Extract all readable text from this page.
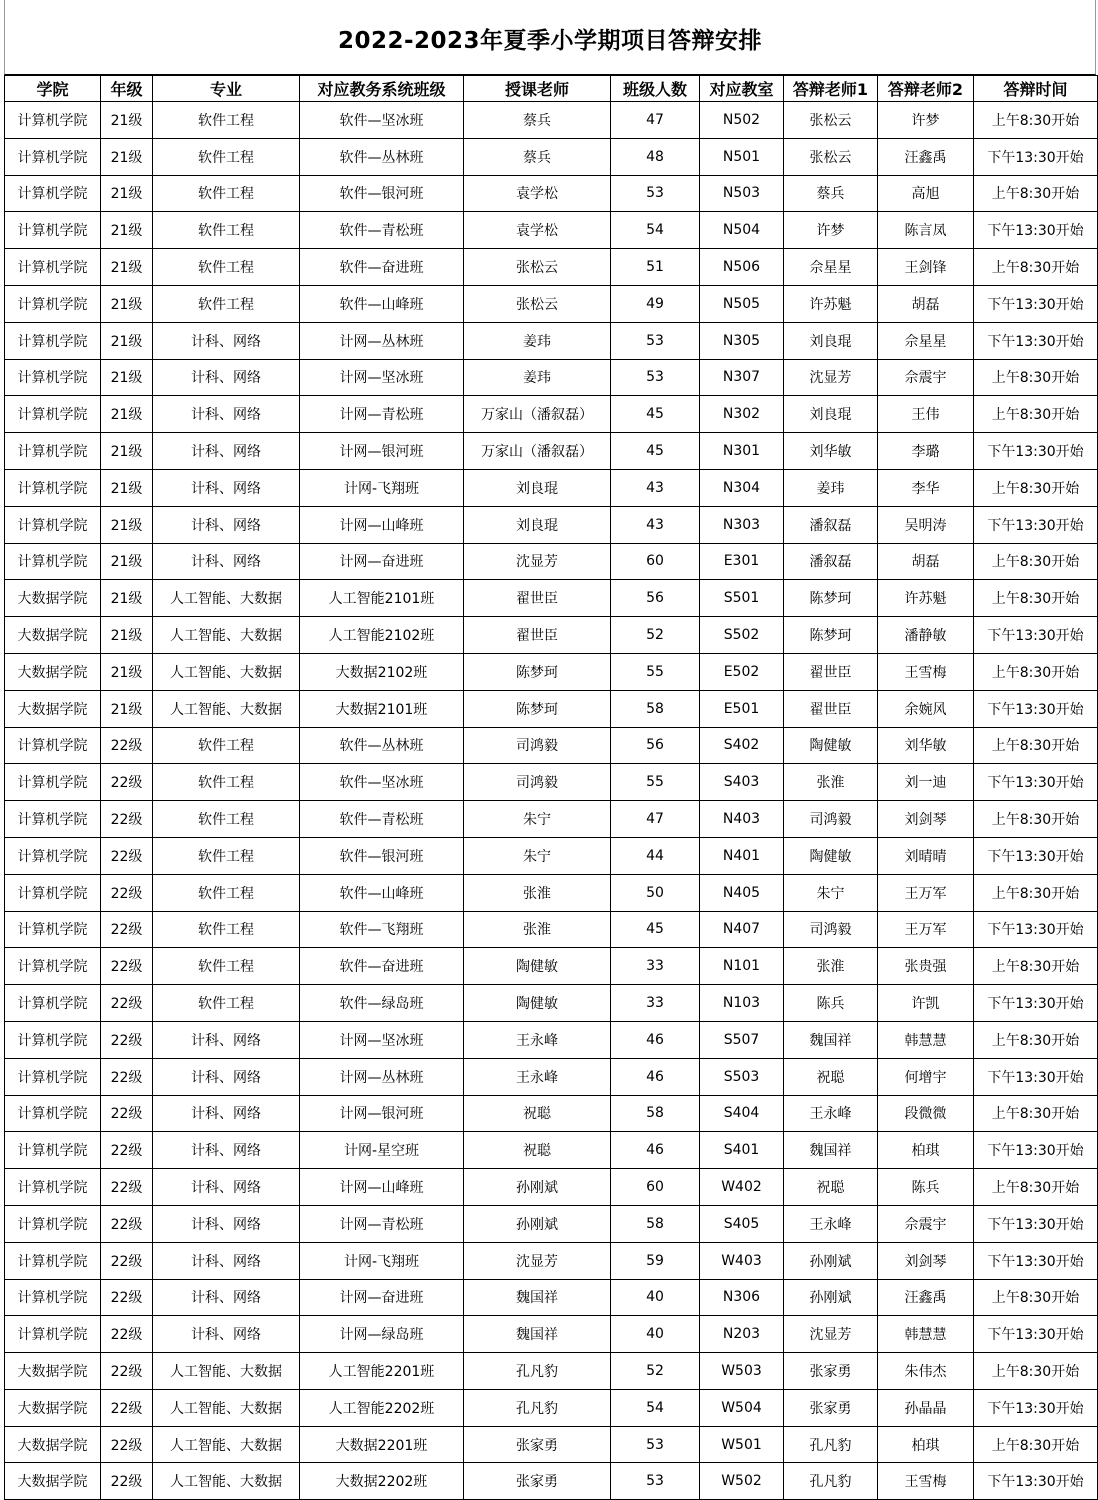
2022-2023年夏季小学期项目答辩安排
学院	年级	专业	对应教务系统班级	授课老师	班级人数	对应教室	答辩老师1	答辩老师2	答辩时间
计算机学院	21级	软件工程	软件—坚冰班	蔡兵	47	N502	张松云	许梦	上午8:30开始
计算机学院	21级	软件工程	软件—丛林班	蔡兵	48	N501	张松云	汪鑫禹	下午13:30开始
计算机学院	21级	软件工程	软件—银河班	袁学松	53	N503	蔡兵	高旭	上午8:30开始
计算机学院	21级	软件工程	软件—青松班	袁学松	54	N504	许梦	陈言凤	下午13:30开始
计算机学院	21级	软件工程	软件—奋进班	张松云	51	N506	佘星星	王剑锋	上午8:30开始
计算机学院	21级	软件工程	软件—山峰班	张松云	49	N505	许苏魁	胡磊	下午13:30开始
计算机学院	21级	计科、网络	计网—丛林班	姜玮	53	N305	刘良琨	佘星星	下午13:30开始
计算机学院	21级	计科、网络	计网—坚冰班	姜玮	53	N307	沈显芳	佘震宇	上午8:30开始
计算机学院	21级	计科、网络	计网—青松班	万家山（潘叙磊）	45	N302	刘良琨	王伟	上午8:30开始
计算机学院	21级	计科、网络	计网—银河班	万家山（潘叙磊）	45	N301	刘华敏	李璐	下午13:30开始
计算机学院	21级	计科、网络	计网-飞翔班	刘良琨	43	N304	姜玮	李华	上午8:30开始
计算机学院	21级	计科、网络	计网—山峰班	刘良琨	43	N303	潘叙磊	吴明涛	下午13:30开始
计算机学院	21级	计科、网络	计网—奋进班	沈显芳	60	E301	潘叙磊	胡磊	上午8:30开始
大数据学院	21级	人工智能、大数据	人工智能2101班	翟世臣	56	S501	陈梦珂	许苏魁	上午8:30开始
大数据学院	21级	人工智能、大数据	人工智能2102班	翟世臣	52	S502	陈梦珂	潘静敏	下午13:30开始
大数据学院	21级	人工智能、大数据	大数据2102班	陈梦珂	55	E502	翟世臣	王雪梅	上午8:30开始
大数据学院	21级	人工智能、大数据	大数据2101班	陈梦珂	58	E501	翟世臣	余婉风	下午13:30开始
计算机学院	22级	软件工程	软件—丛林班	司鸿毅	56	S402	陶健敏	刘华敏	上午8:30开始
计算机学院	22级	软件工程	软件—坚冰班	司鸿毅	55	S403	张淮	刘一迪	下午13:30开始
计算机学院	22级	软件工程	软件—青松班	朱宁	47	N403	司鸿毅	刘剑琴	上午8:30开始
计算机学院	22级	软件工程	软件—银河班	朱宁	44	N401	陶健敏	刘晴晴	下午13:30开始
计算机学院	22级	软件工程	软件—山峰班	张淮	50	N405	朱宁	王万军	上午8:30开始
计算机学院	22级	软件工程	软件—飞翔班	张淮	45	N407	司鸿毅	王万军	下午13:30开始
计算机学院	22级	软件工程	软件—奋进班	陶健敏	33	N101	张淮	张贵强	上午8:30开始
计算机学院	22级	软件工程	软件—绿岛班	陶健敏	33	N103	陈兵	许凯	下午13:30开始
计算机学院	22级	计科、网络	计网—坚冰班	王永峰	46	S507	魏国祥	韩慧慧	上午8:30开始
计算机学院	22级	计科、网络	计网—丛林班	王永峰	46	S503	祝聪	何增宇	下午13:30开始
计算机学院	22级	计科、网络	计网—银河班	祝聪	58	S404	王永峰	段微微	上午8:30开始
计算机学院	22级	计科、网络	计网-星空班	祝聪	46	S401	魏国祥	柏琪	下午13:30开始
计算机学院	22级	计科、网络	计网—山峰班	孙刚斌	60	W402	祝聪	陈兵	上午8:30开始
计算机学院	22级	计科、网络	计网—青松班	孙刚斌	58	S405	王永峰	佘震宇	下午13:30开始
计算机学院	22级	计科、网络	计网-飞翔班	沈显芳	59	W403	孙刚斌	刘剑琴	下午13:30开始
计算机学院	22级	计科、网络	计网—奋进班	魏国祥	40	N306	孙刚斌	汪鑫禹	上午8:30开始
计算机学院	22级	计科、网络	计网—绿岛班	魏国祥	40	N203	沈显芳	韩慧慧	下午13:30开始
大数据学院	22级	人工智能、大数据	人工智能2201班	孔凡豹	52	W503	张家勇	朱伟杰	上午8:30开始
大数据学院	22级	人工智能、大数据	人工智能2202班	孔凡豹	54	W504	张家勇	孙晶晶	下午13:30开始
大数据学院	22级	人工智能、大数据	大数据2201班	张家勇	53	W501	孔凡豹	柏琪	上午8:30开始
大数据学院	22级	人工智能、大数据	大数据2202班	张家勇	53	W502	孔凡豹	王雪梅	下午13:30开始
